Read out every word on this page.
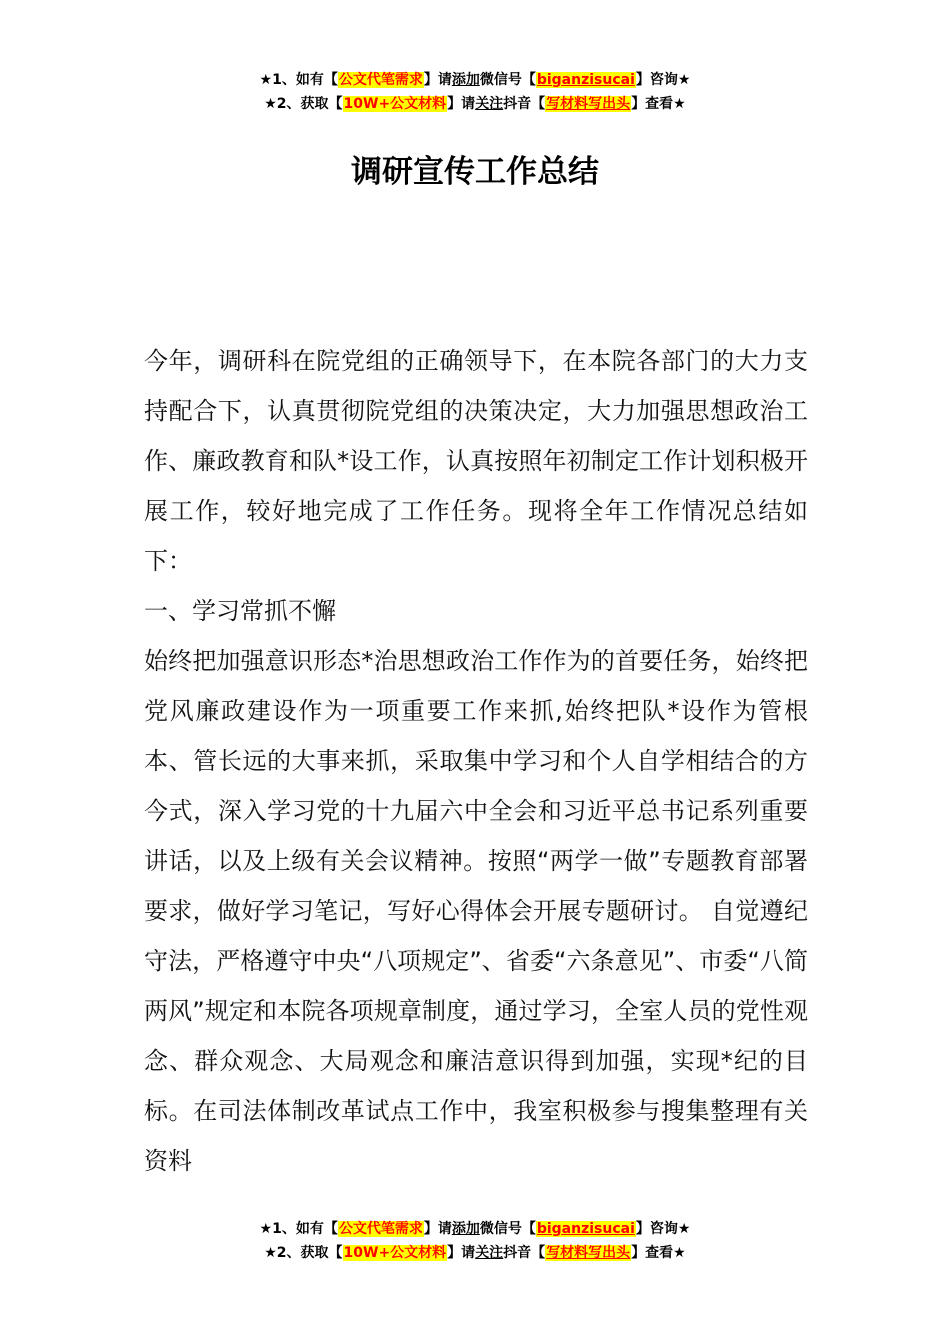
★1、如有【公文代笔需求】请添加微信号【biganzisucai】咨询★
★2、获取【10W+公文材料】请关注抖音【写材料写出头】查看★
调研宣传工作总结

今年，调研科在院党组的正确领导下，在本院各部门的大力支持配合下，认真贯彻院党组的决策决定，大力加强思想政治工作、廉政教育和队*设工作，认真按照年初制定工作计划积极开展工作，较好地完成了工作任务。现将全年工作情况总结如下：

一、学习常抓不懈

始终把加强意识形态*治思想政治工作作为的首要任务，始终把党风廉政建设作为一项重要工作来抓,始终把队*设作为管根本、管长远的大事来抓，采取集中学习和个人自学相结合的方今式，深入学习党的十九届六中全会和习近平总书记系列重要讲话，以及上级有关会议精神。按照“两学一做”专题教育部署要求，做好学习笔记，写好心得体会开展专题研讨。 自觉遵纪守法，严格遵守中央“八项规定”、省委“六条意见”、市委“八简两风”规定和本院各项规章制度，通过学习，全室人员的党性观念、群众观念、大局观念和廉洁意识得到加强，实现*纪的目标。在司法体制改革试点工作中，我室积极参与搜集整理有关资料

★1、如有【公文代笔需求】请添加微信号【biganzisucai】咨询★
★2、获取【10W+公文材料】请关注抖音【写材料写出头】查看★
